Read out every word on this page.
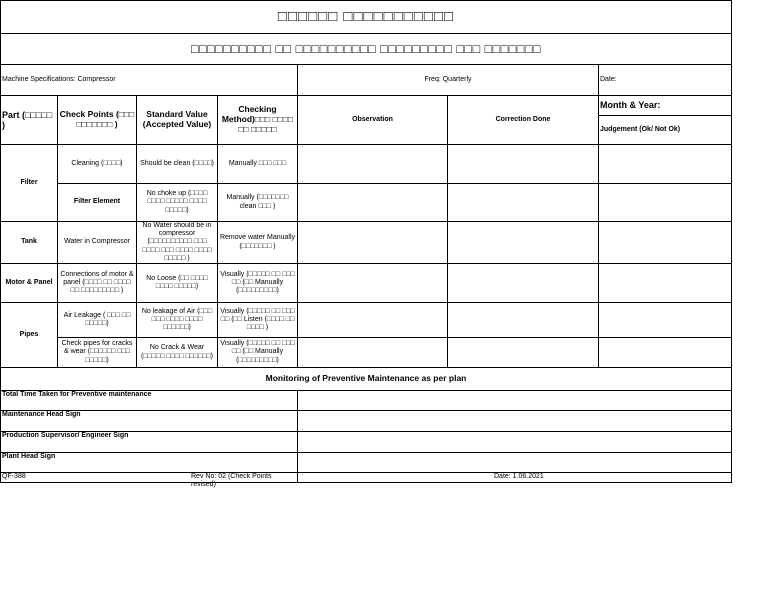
□□□□□□ □□□□□□□□□□□						
□□□□□□□□□□ □□ □□□□□□□□□□ □□□□□□□□□ □□□ □□□□□□□						
Machine Specifications: Compressor				Freq: Quarterly		Date:
Part (□□□□□ )	Check Points (□□□ □□□□□□□ )	Standard Value (Accepted Value)	Checking Method)□□□ □□□□ □□ □□□□□	Observation	Correction Done	Month & Year:
						Judgement (Ok/ Not Ok)
Filter	Cleaning (□□□□)	Should be clean (□□□□)	Manually □□□ □□□			
	Filter Element	No choke up (□□□□ □□□□ □□□□□ □□□□ □□□□□)	Manually (□□□□□□□ clean □□□ )			
Tank	Water in Compressor	No Water should be in compressor (□□□□□□□□□□ □□□ □□□□ □□□ □□□□ □□□□ □□□□□ )	Remove water Manually (□□□□□□□ )			
Motor & Panel	Connections of motor & panel (□□□□ □□ □□□□ □□ □□□□□□□□□ )	No Loose (□□ □□□□ □□□□ □□□□□)	Visually (□□□□□ □□ □□□ □□ (□□ Manually (□□□□□□□□□)			
Pipes	Air Leakage ( □□□ □□ □□□□□)	No leakage of Air (□□□ □□□ □□□□ □□□□ □□□□□□)	Visually (□□□□□ □□ □□□ □□ (□□ Listen (□□□□ □□ □□□□ )			
	Check pipes for cracks & wear (□□□□□□ □□□ □□□□□)	No Crack & Wear (□□□□□ □□□□ □□□□□□)	Visually (□□□□□ □□ □□□ □□ (□□ Manually (□□□□□□□□□)			
Monitoring of Preventive Maintenance as per plan						
Total Time Taken for Preventive maintenance						
Maintenance Head Sign						
Production Supervisor/ Engineer Sign						
Plant Head Sign						

QF-388 Rev No: 02 (Check Points revised)				Date: 1.06.2021		
